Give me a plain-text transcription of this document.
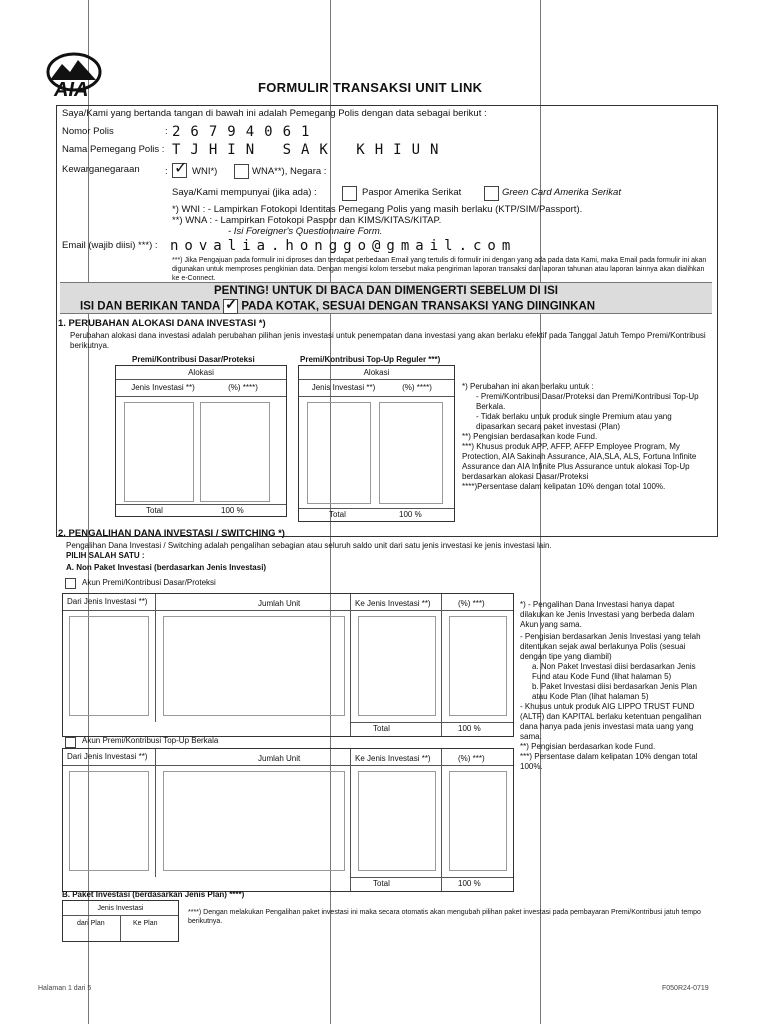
AIA	FORMULIR TRANSAKSI UNIT LINK
Saya/Kami yang bertanda tangan di bawah ini adalah Pemegang Polis dengan data sebagai berikut :
Nomor Polis	: 26794061
Nama Pemegang Polis : TJHIN SAK KHIUN
Kewarganegaraan	: ✓ WNI*)	WNA**), Negara :
Saya/Kami mempunyai (jika ada) :	Paspor Amerika Serikat	Green Card Amerika Serikat
*) WNI : - Lampirkan Fotokopi Identitas Pemegang Polis yang masih berlaku (KTP/SIM/Passport).
**) WNA : - Lampirkan Fotokopi Paspor dan KIMS/KITAS/KITAP.
- Isi Foreigner's Questionnaire Form.
Email (wajib diisi) ***) : novalia.honggo@gmail.com
***) Jika Pengajuan pada formulir ini diproses dan terdapat perbedaan Email yang tertulis di formulir ini dengan yang ada pada data Kami, maka Email pada formulir ini akan digunakan untuk memproses pengkinian data. Dengan mengisi kolom tersebut maka pengiriman laporan transaksi dan laporan tahunan atau laporan lainnya akan dialihkan ke e-Connect.
PENTING! UNTUK DI BACA DAN DIMENGERTI SEBELUM DI ISI
ISI DAN BERIKAN TANDA ✓ PADA KOTAK, SESUAI DENGAN TRANSAKSI YANG DIINGINKAN
1. PERUBAHAN ALOKASI DANA INVESTASI *)
Perubahan alokasi dana investasi adalah perubahan pilihan jenis investasi untuk penempatan dana investasi yang akan berlaku efektif pada Tanggal Jatuh Tempo Premi/Kontribusi berikutnya.
Premi/Kontribusi Dasar/Proteksi
Alokasi
Jenis Investasi **)	(%) ****)
Total	100 %
Premi/Kontribusi Top-Up Reguler ***)
Alokasi
Jenis Investasi **)	(%) ****)
Total	100 %
*) Perubahan ini akan berlaku untuk :
- Premi/Kontribusi Dasar/Proteksi dan Premi/Kontribusi Top-Up Berkala.
- Tidak berlaku untuk produk single Premium atau yang dipasarkan secara paket investasi (Plan)
**) Pengisian berdasarkan kode Fund.
***) Khusus produk APP, AFFP, AFFP Employee Program, My Protection, AIA Sakinah Assurance, AIA,SLA, ALS, Fortuna Infinite Assurance dan AIA Infinite Plus Assurance untuk alokasi Top-Up berdasarkan alokasi Dasar/Proteksi
****)Persentase dalam kelipatan 10% dengan total 100%.
2. PENGALIHAN DANA INVESTASI / SWITCHING *)
Pengalihan Dana Investasi / Switching adalah pengalihan sebagian atau seluruh saldo unit dari satu jenis investasi ke jenis investasi lain.
PILIH SALAH SATU :
A. Non Paket Investasi (berdasarkan Jenis Investasi)
Akun Premi/Kontribusi Dasar/Proteksi
Dari Jenis Investasi **)	Jumlah Unit	Ke Jenis Investasi **)	(%) ***)
Total	100 %
Akun Premi/Kontribusi Top-Up Berkala
Dari Jenis Investasi **)	Jumlah Unit	Ke Jenis Investasi **)	(%) ***)
Total	100 %
*) - Pengalihan Dana Investasi hanya dapat dilakukan ke Jenis Investasi yang berbeda dalam Akun yang sama.
- Pengisian berdasarkan Jenis Investasi yang telah ditentukan sejak awal berlakunya Polis (sesuai dengan tipe yang diambil)
a. Non Paket Investasi diisi berdasarkan Jenis Fund atau Kode Fund (lihat halaman 5)
b. Paket Investasi diisi berdasarkan Jenis Plan atau Kode Plan (lihat halaman 5)
- Khusus untuk produk AIG LIPPO TRUST FUND (ALTF) dan KAPITAL berlaku ketentuan pengalihan dana hanya pada jenis investasi mata uang yang sama.
**) Pengisian berdasarkan kode Fund.
***) Persentase dalam kelipatan 10% dengan total 100%.
B. Paket Investasi (berdasarkan Jenis Plan) ****)
Jenis Investasi
dari Plan	Ke Plan
****) Dengan melakukan Pengalihan paket investasi ini maka secara otomatis akan mengubah pilihan paket investasi pada pembayaran Premi/Kontribusi jatuh tempo berikutnya.
Halaman 1 dari 5	F050R24-0719
